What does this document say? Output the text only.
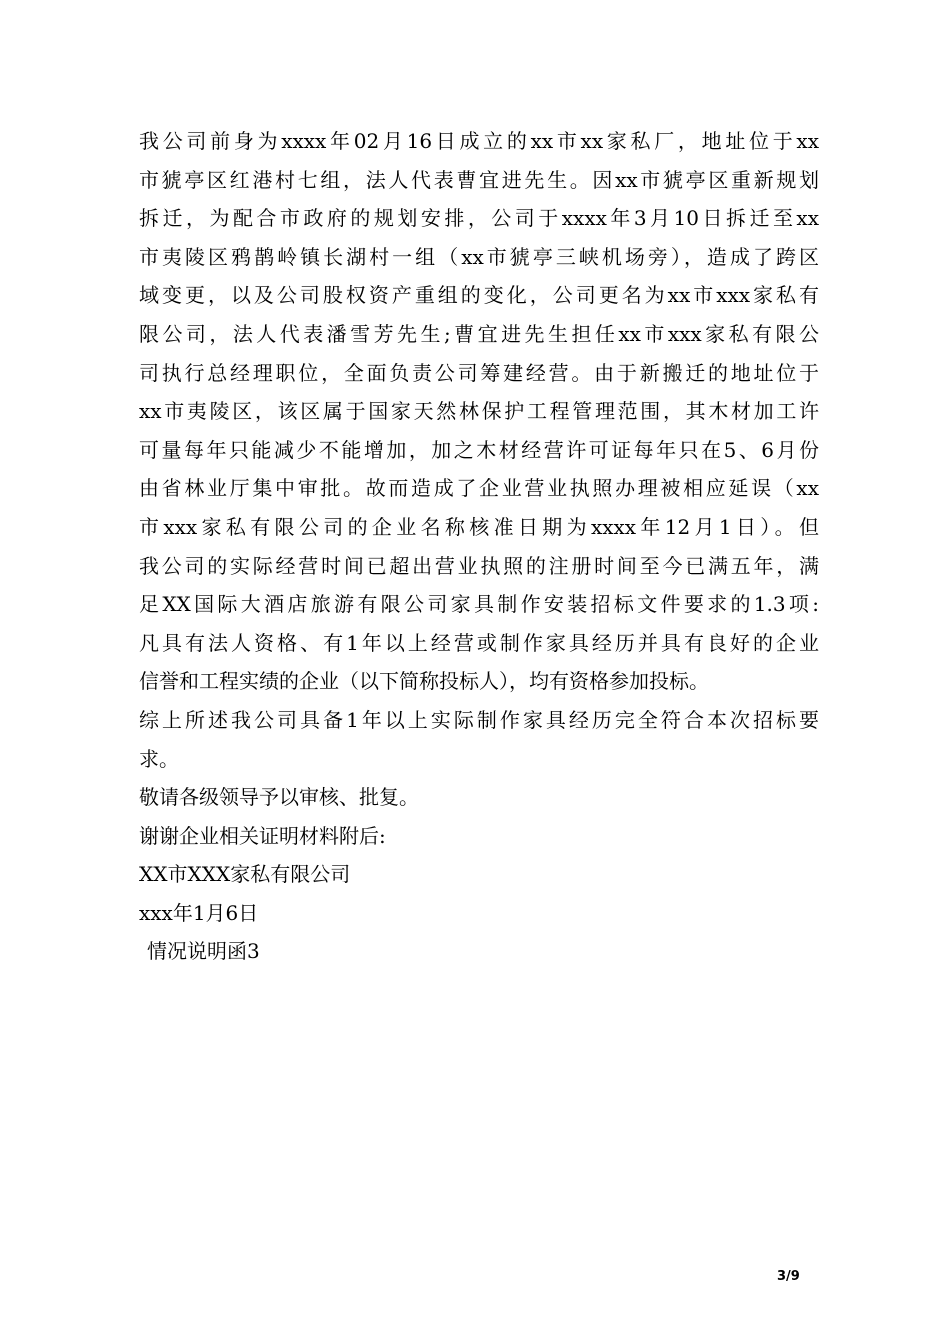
我公司前身为xxxx年02月16日成立的xx市xx家私厂，地址位于xx
市猇亭区红港村七组，法人代表曹宜进先生。因xx市猇亭区重新规划
拆迁，为配合市政府的规划安排，公司于xxxx年3月10日拆迁至xx
市夷陵区鸦鹊岭镇长湖村一组（xx市猇亭三峡机场旁），造成了跨区
域变更，以及公司股权资产重组的变化，公司更名为xx市xxx家私有
限公司，法人代表潘雪芳先生;曹宜进先生担任xx市xxx家私有限公
司执行总经理职位，全面负责公司筹建经营。由于新搬迁的地址位于
xx市夷陵区，该区属于国家天然林保护工程管理范围，其木材加工许
可量每年只能减少不能增加，加之木材经营许可证每年只在5、6月份
由省林业厅集中审批。故而造成了企业营业执照办理被相应延误（xx
市xxx家私有限公司的企业名称核准日期为xxxx年12月1日）。但
我公司的实际经营时间已超出营业执照的注册时间至今已满五年，满
足XX国际大酒店旅游有限公司家具制作安装招标文件要求的1.3项:
凡具有法人资格、有1年以上经营或制作家具经历并具有良好的企业
信誉和工程实绩的企业（以下简称投标人），均有资格参加投标。
综上所述我公司具备1年以上实际制作家具经历完全符合本次招标要
求。
敬请各级领导予以审核、批复。
谢谢企业相关证明材料附后:
XX市XXX家私有限公司
xxx年1月6日
情况说明函3
3/9
